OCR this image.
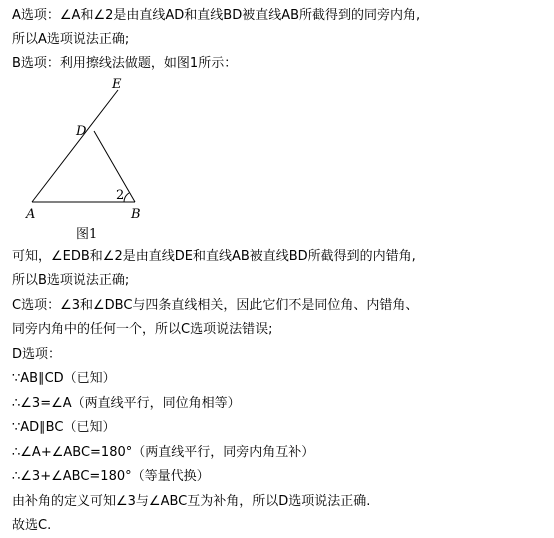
A选项：∠A和∠2是由直线AD和直线BD被直线AB所截得到的同旁内角,
所以A选项说法正确;
B选项：利用擦线法做题，如图1所示：
E
D
2
A	B
图1
可知，∠EDB和∠2是由直线DE和直线AB被直线BD所截得到的内错角,
所以B选项说法正确;
C选项：∠3和∠DBC与四条直线相关，因此它们不是同位角、内错角、
同旁内角中的任何一个，所以C选项说法错误;
D选项：
∵AB∥CD（已知）
∴∠3=∠A（两直线平行，同位角相等）
∵AD∥BC（已知）
∴∠A+∠ABC=180°（两直线平行，同旁内角互补）
∴∠3+∠ABC=180°（等量代换）
由补角的定义可知∠3与∠ABC互为补角，所以D选项说法正确.
故选C.
